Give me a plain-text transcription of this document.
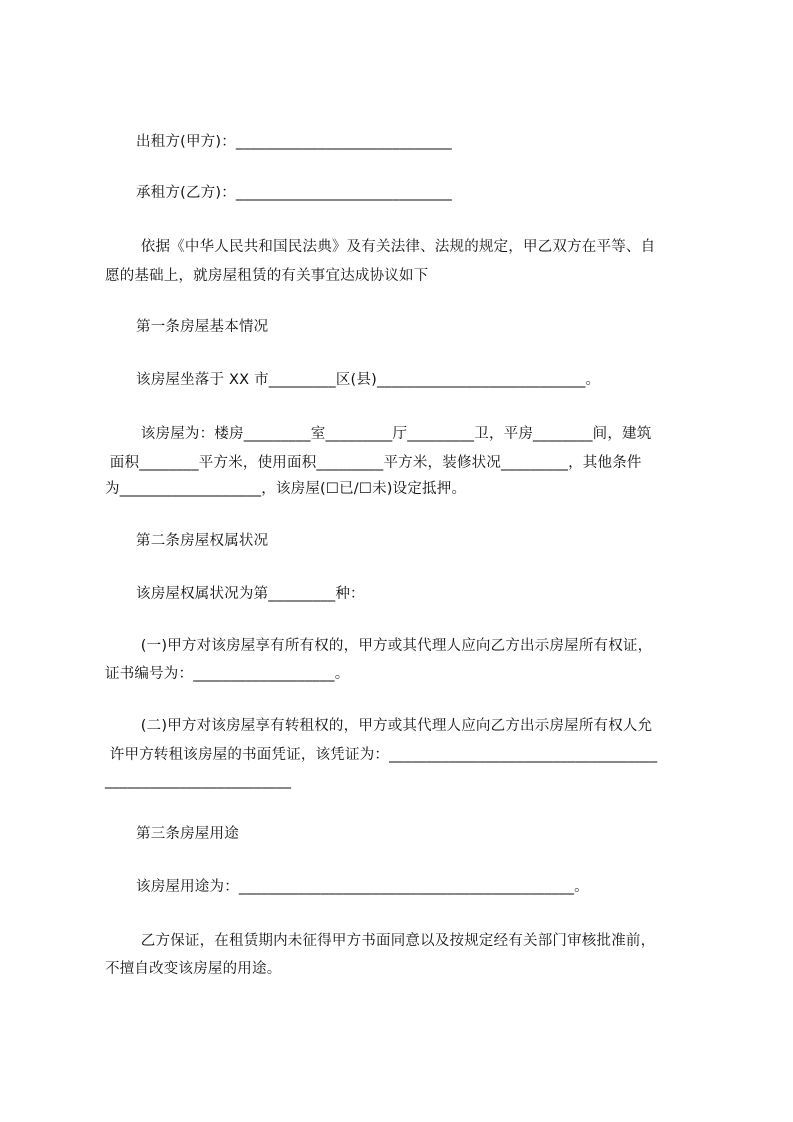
出租方(甲方)：_____________________________
承租方(乙方)：_____________________________
依据《中华人民共和国民法典》及有关法律、法规的规定，甲乙双方在平等、自
愿的基础上，就房屋租赁的有关事宜达成协议如下
第一条房屋基本情况
该房屋坐落于 XX 市_________区(县)____________________________。
该房屋为：楼房_________室_________厅_________卫，平房________间，建筑
面积________平方米，使用面积_________平方米，装修状况_________，其他条件
为___________________，该房屋(☐已/☐未)设定抵押。
第二条房屋权属状况
该房屋权属状况为第_________种：
(一)甲方对该房屋享有所有权的，甲方或其代理人应向乙方出示房屋所有权证，
证书编号为：___________________。
(二)甲方对该房屋享有转租权的，甲方或其代理人应向乙方出示房屋所有权人允
许甲方转租该房屋的书面凭证，该凭证为：____________________________________
_________________________
第三条房屋用途
该房屋用途为：_____________________________________________。
乙方保证，在租赁期内未征得甲方书面同意以及按规定经有关部门审核批准前，
不擅自改变该房屋的用途。
